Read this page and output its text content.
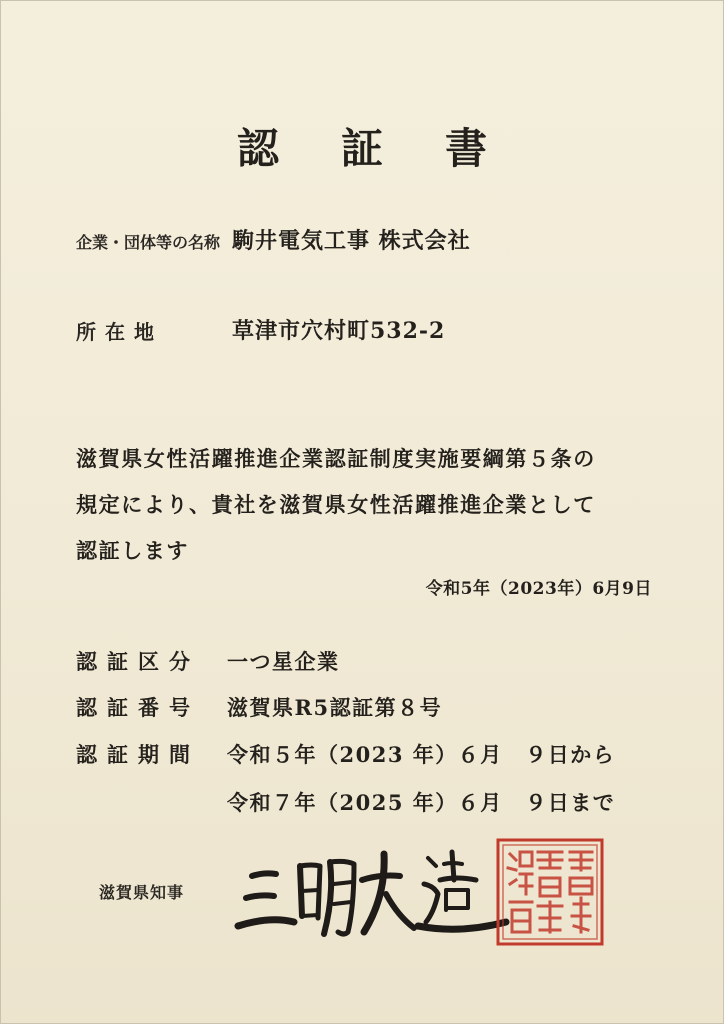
認証書
企業・団体等の名称 駒井電気工事 株式会社
所在地	草津市穴村町532-2
滋賀県女性活躍推進企業認証制度実施要綱第５条の
規定により、貴社を滋賀県女性活躍推進企業として
認証します
令和5年（2023年）6月9日
認証区分 一つ星企業
認証番号 滋賀県R5認証第８号
認証期間 令和５年（2023 年）６月　９日から
令和７年（2025 年）６月　９日まで
滋賀県知事
